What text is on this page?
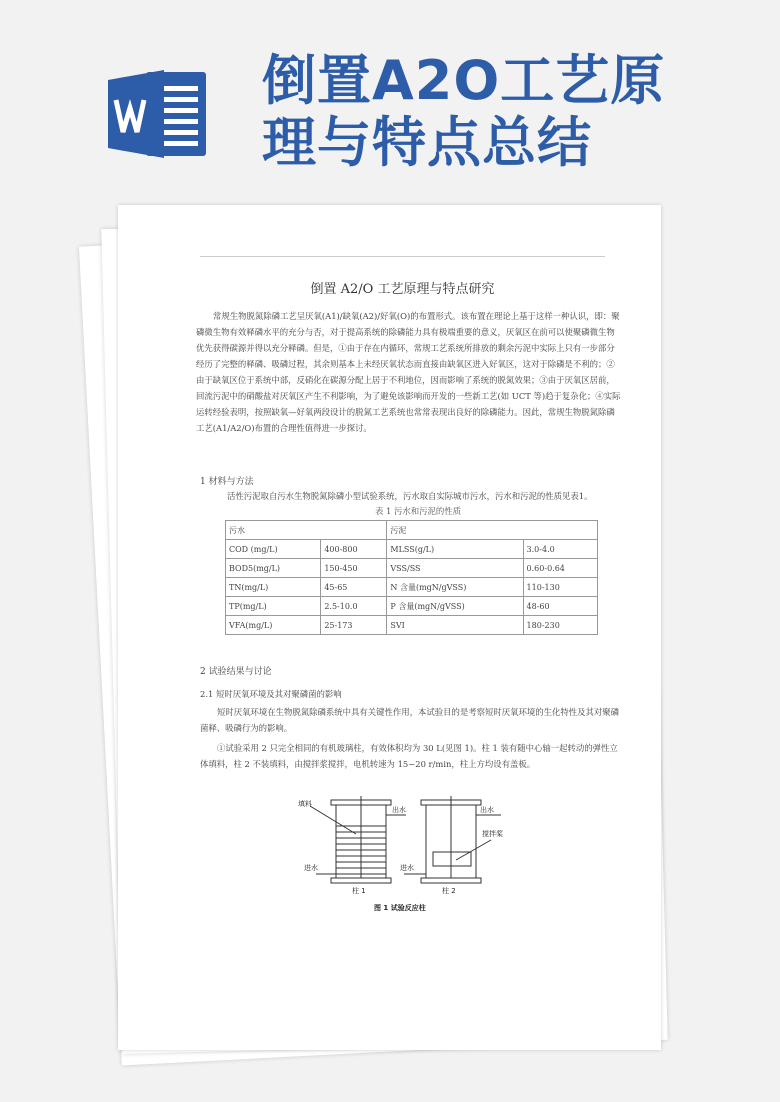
倒置A2O工艺原
理与特点总结
倒置 A2/O 工艺原理与特点研究
常规生物脱氮除磷工艺呈厌氧(A1)/缺氧(A2)/好氧(O)的布置形式。该布置在理论上基于这样一种认识，即：聚磷微生物有效释磷水平的充分与否，对于提高系统的除磷能力具有极端重要的意义，厌氧区在前可以使聚磷微生物优先获得碳源并得以充分释磷。但是，①由于存在内循环，常规工艺系统所排放的剩余污泥中实际上只有一步部分经历了完整的释磷、吸磷过程，其余则基本上未经厌氧状态而直接由缺氧区进入好氧区，这对于除磷是不利的；②由于缺氧区位于系统中部，反硝化在碳源分配上居于不利地位，因而影响了系统的脱氮效果；③由于厌氧区居前，回流污泥中的硝酸盐对厌氧区产生不利影响，为了避免该影响而开发的一些新工艺(如 UCT 等)趋于复杂化；④实际运转经验表明，按照缺氧—好氧两段设计的脱氮工艺系统也常常表现出良好的除磷能力。因此，常规生物脱氮除磷工艺(A1/A2/O)布置的合理性值得进一步探讨。
1 材料与方法
活性污泥取自污水生物脱氮除磷小型试验系统，污水取自实际城市污水，污水和污泥的性质见表1。
表 1 污水和污泥的性质
污水		污泥	
COD (mg/L)	400-800	MLSS(g/L)	3.0-4.0
BOD5(mg/L)	150-450	VSS/SS	0.60-0.64
TN(mg/L)	45-65	N 含量(mgN/gVSS)	110-130
TP(mg/L)	2.5-10.0	P 含量(mgN/gVSS)	48-60
VFA(mg/L)	25-173	SVI	180-230
2 试验结果与讨论
2.1 短时厌氧环境及其对聚磷菌的影响
短时厌氧环境在生物脱氮除磷系统中具有关键性作用，本试验目的是考察短时厌氧环境的生化特性及其对聚磷菌释、吸磷行为的影响。
①试验采用 2 只完全相同的有机玻璃柱，有效体积均为 30 L(见图 1)。柱 1 装有随中心轴一起转动的弹性立体填料，柱 2 不装填料，由搅拌浆搅拌，电机转速为 15~20 r/min，柱上方均设有盖板。
填料
出水
进水
柱 1
出水
搅拌桨
进水
柱 2
图 1 试验反应柱
